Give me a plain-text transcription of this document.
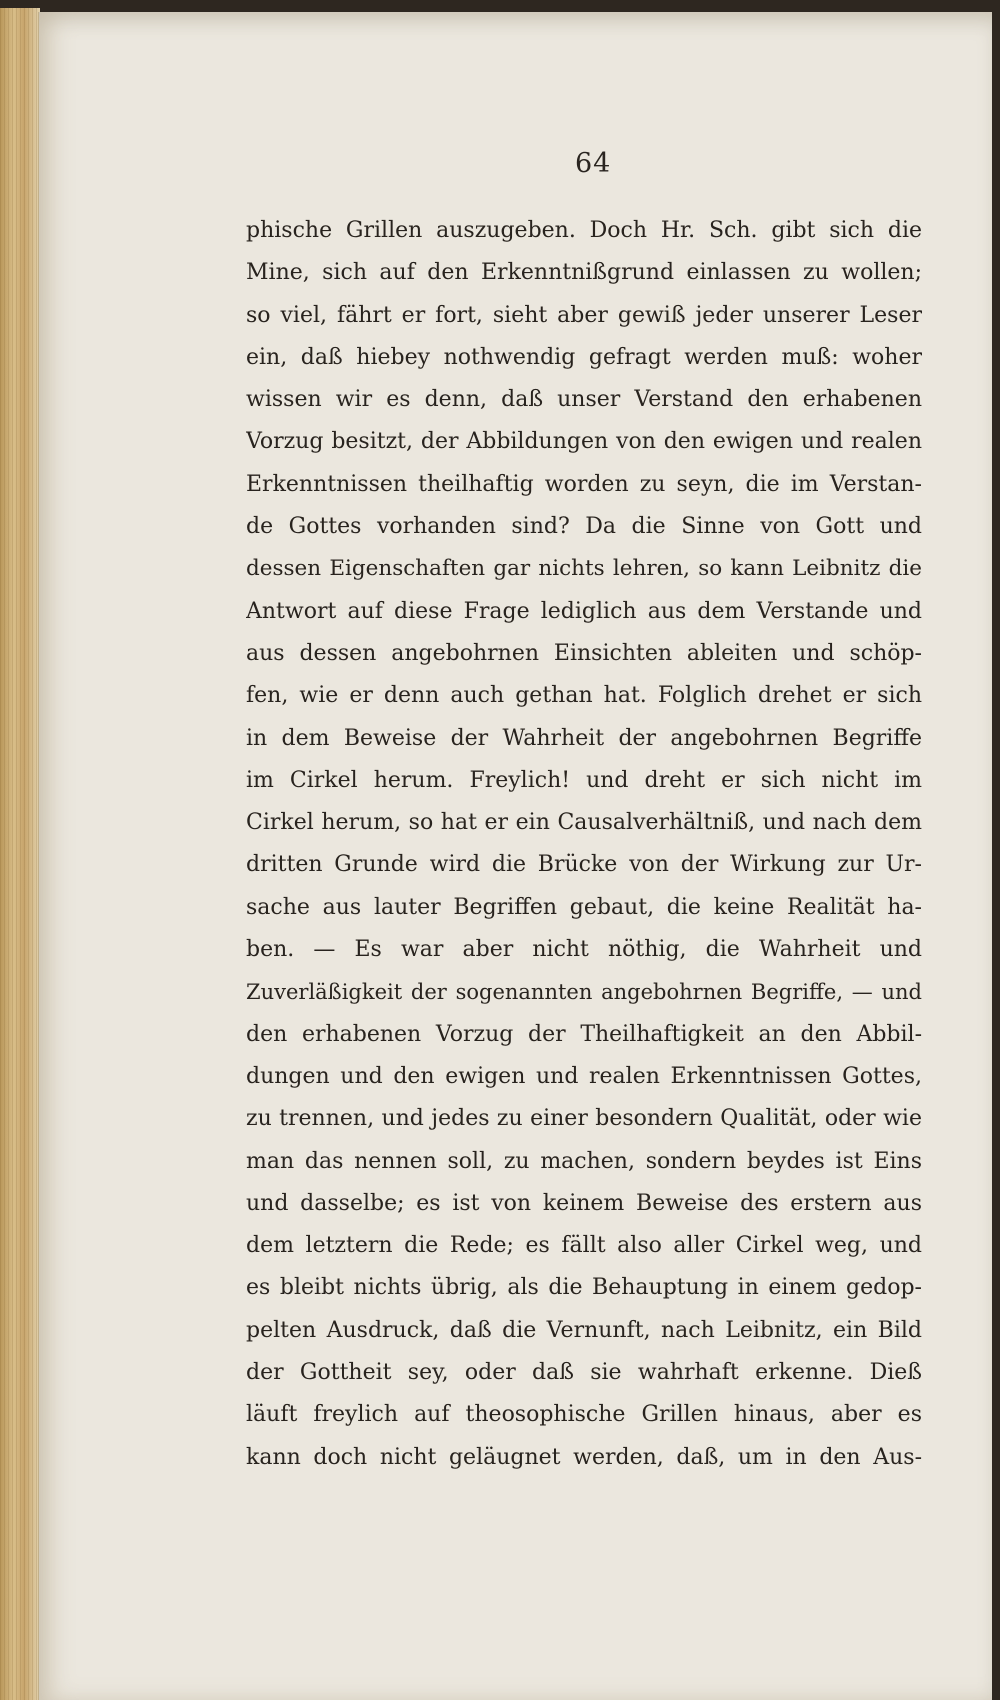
64
phische Grillen auszugeben. Doch Hr. Sch. gibt sich die
Mine, sich auf den Erkenntnißgrund einlassen zu wollen;
so viel, fährt er fort, sieht aber gewiß jeder unserer Leser
ein, daß hiebey nothwendig gefragt werden muß: woher
wissen wir es denn, daß unser Verstand den erhabenen
Vorzug besitzt, der Abbildungen von den ewigen und realen
Erkenntnissen theilhaftig worden zu seyn, die im Verstan-
de Gottes vorhanden sind? Da die Sinne von Gott und
dessen Eigenschaften gar nichts lehren, so kann Leibnitz die
Antwort auf diese Frage lediglich aus dem Verstande und
aus dessen angebohrnen Einsichten ableiten und schöp-
fen, wie er denn auch gethan hat. Folglich drehet er sich
in dem Beweise der Wahrheit der angebohrnen Begriffe
im Cirkel herum. Freylich! und dreht er sich nicht im
Cirkel herum, so hat er ein Causalverhältniß, und nach dem
dritten Grunde wird die Brücke von der Wirkung zur Ur-
sache aus lauter Begriffen gebaut, die keine Realität ha-
ben. — Es war aber nicht nöthig, die Wahrheit und
Zuverläßigkeit der sogenannten angebohrnen Begriffe, — und
den erhabenen Vorzug der Theilhaftigkeit an den Abbil-
dungen und den ewigen und realen Erkenntnissen Gottes,
zu trennen, und jedes zu einer besondern Qualität, oder wie
man das nennen soll, zu machen, sondern beydes ist Eins
und dasselbe; es ist von keinem Beweise des erstern aus
dem letztern die Rede; es fällt also aller Cirkel weg, und
es bleibt nichts übrig, als die Behauptung in einem gedop-
pelten Ausdruck, daß die Vernunft, nach Leibnitz, ein Bild
der Gottheit sey, oder daß sie wahrhaft erkenne. Dieß
läuft freylich auf theosophische Grillen hinaus, aber es
kann doch nicht geläugnet werden, daß, um in den Aus-
